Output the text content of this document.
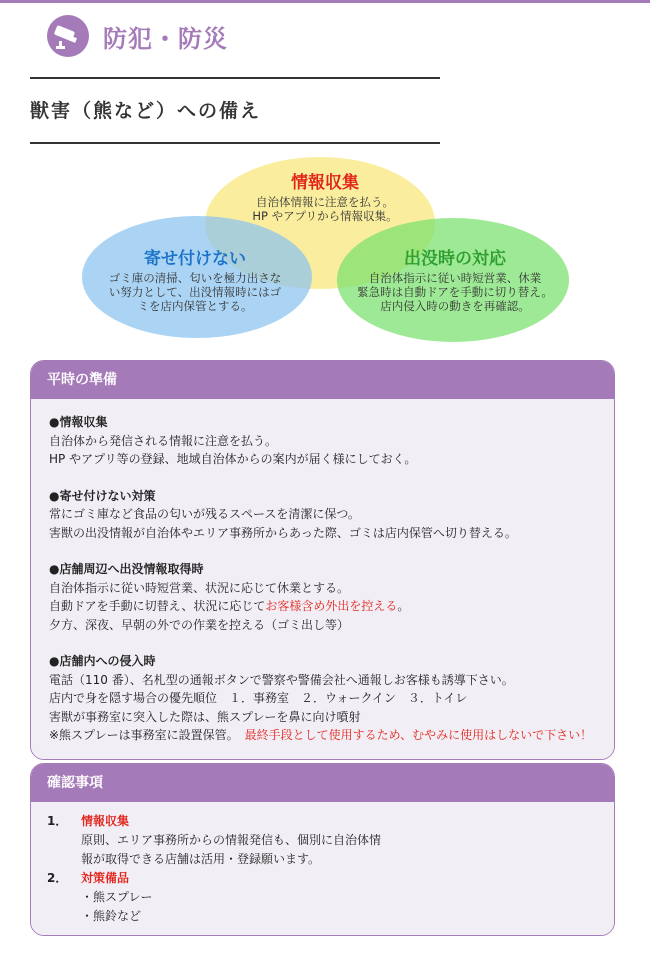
防犯・防災
獣害（熊など）への備え
情報収集
自治体情報に注意を払う。
HP やアプリから情報収集。
寄せ付けない
ゴミ庫の清掃、匂いを極力出さな
い努力として、出没情報時にはゴ
ミを店内保管とする。
出没時の対応
自治体指示に従い時短営業、休業
緊急時は自動ドアを手動に切り替え。
店内侵入時の動きを再確認。
平時の準備
●情報収集
自治体から発信される情報に注意を払う。
HP やアプリ等の登録、地域自治体からの案内が届く様にしておく。
●寄せ付けない対策
常にゴミ庫など食品の匂いが残るスペースを清潔に保つ。
害獣の出没情報が自治体やエリア事務所からあった際、ゴミは店内保管へ切り替える。
●店舗周辺へ出没情報取得時
自治体指示に従い時短営業、状況に応じて休業とする。
自動ドアを手動に切替え、状況に応じてお客様含め外出を控える。
夕方、深夜、早朝の外での作業を控える（ゴミ出し等）
●店舗内への侵入時
電話（110 番）、名札型の通報ボタンで警察や警備会社へ通報しお客様も誘導下さい。
店内で身を隠す場合の優先順位　１．事務室　２．ウォークイン　３．トイレ
害獣が事務室に突入した際は、熊スプレーを鼻に向け噴射
※熊スプレーは事務室に設置保管。　 最終手段として使用するため、むやみに使用はしないで下さい！
確認事項
1．	情報収集
原則、エリア事務所からの情報発信も、個別に自治体情
報が取得できる店舗は活用・登録願います。
2．	対策備品
・熊スプレー
・熊鈴など
